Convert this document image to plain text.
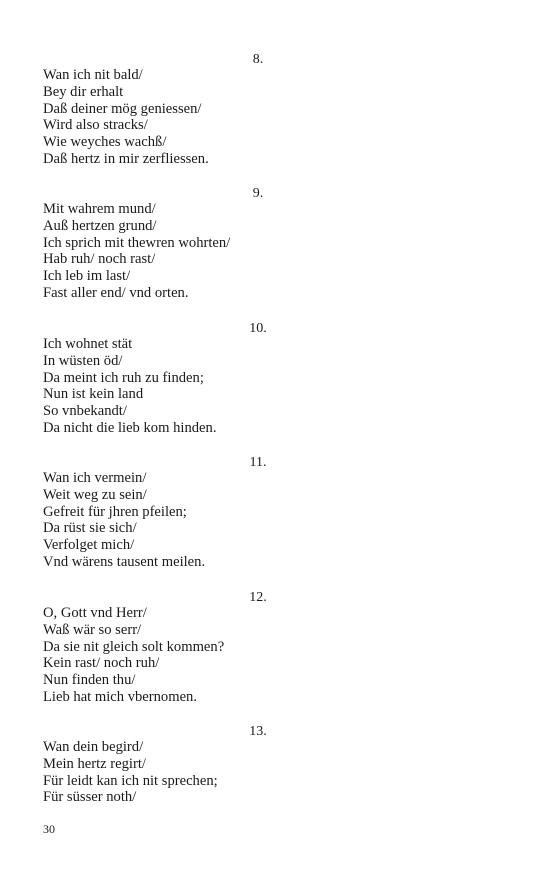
8.
Wan ich nit bald/
Bey dir erhalt
Daß deiner mög geniessen/
Wird also stracks/
Wie weyches wachß/
Daß hertz in mir zerfliessen.
9.
Mit wahrem mund/
Auß hertzen grund/
Ich sprich mit thewren wohrten/
Hab ruh/ noch rast/
Ich leb im last/
Fast aller end/ vnd orten.
10.
Ich wohnet stät
In wüsten öd/
Da meint ich ruh zu finden;
Nun ist kein land
So vnbekandt/
Da nicht die lieb kom hinden.
11.
Wan ich vermein/
Weit weg zu sein/
Gefreit für jhren pfeilen;
Da rüst sie sich/
Verfolget mich/
Vnd wärens tausent meilen.
12.
O, Gott vnd Herr/
Waß wär so serr/
Da sie nit gleich solt kommen?
Kein rast/ noch ruh/
Nun finden thu/
Lieb hat mich vbernomen.
13.
Wan dein begird/
Mein hertz regirt/
Für leidt kan ich nit sprechen;
Für süsser noth/
30
